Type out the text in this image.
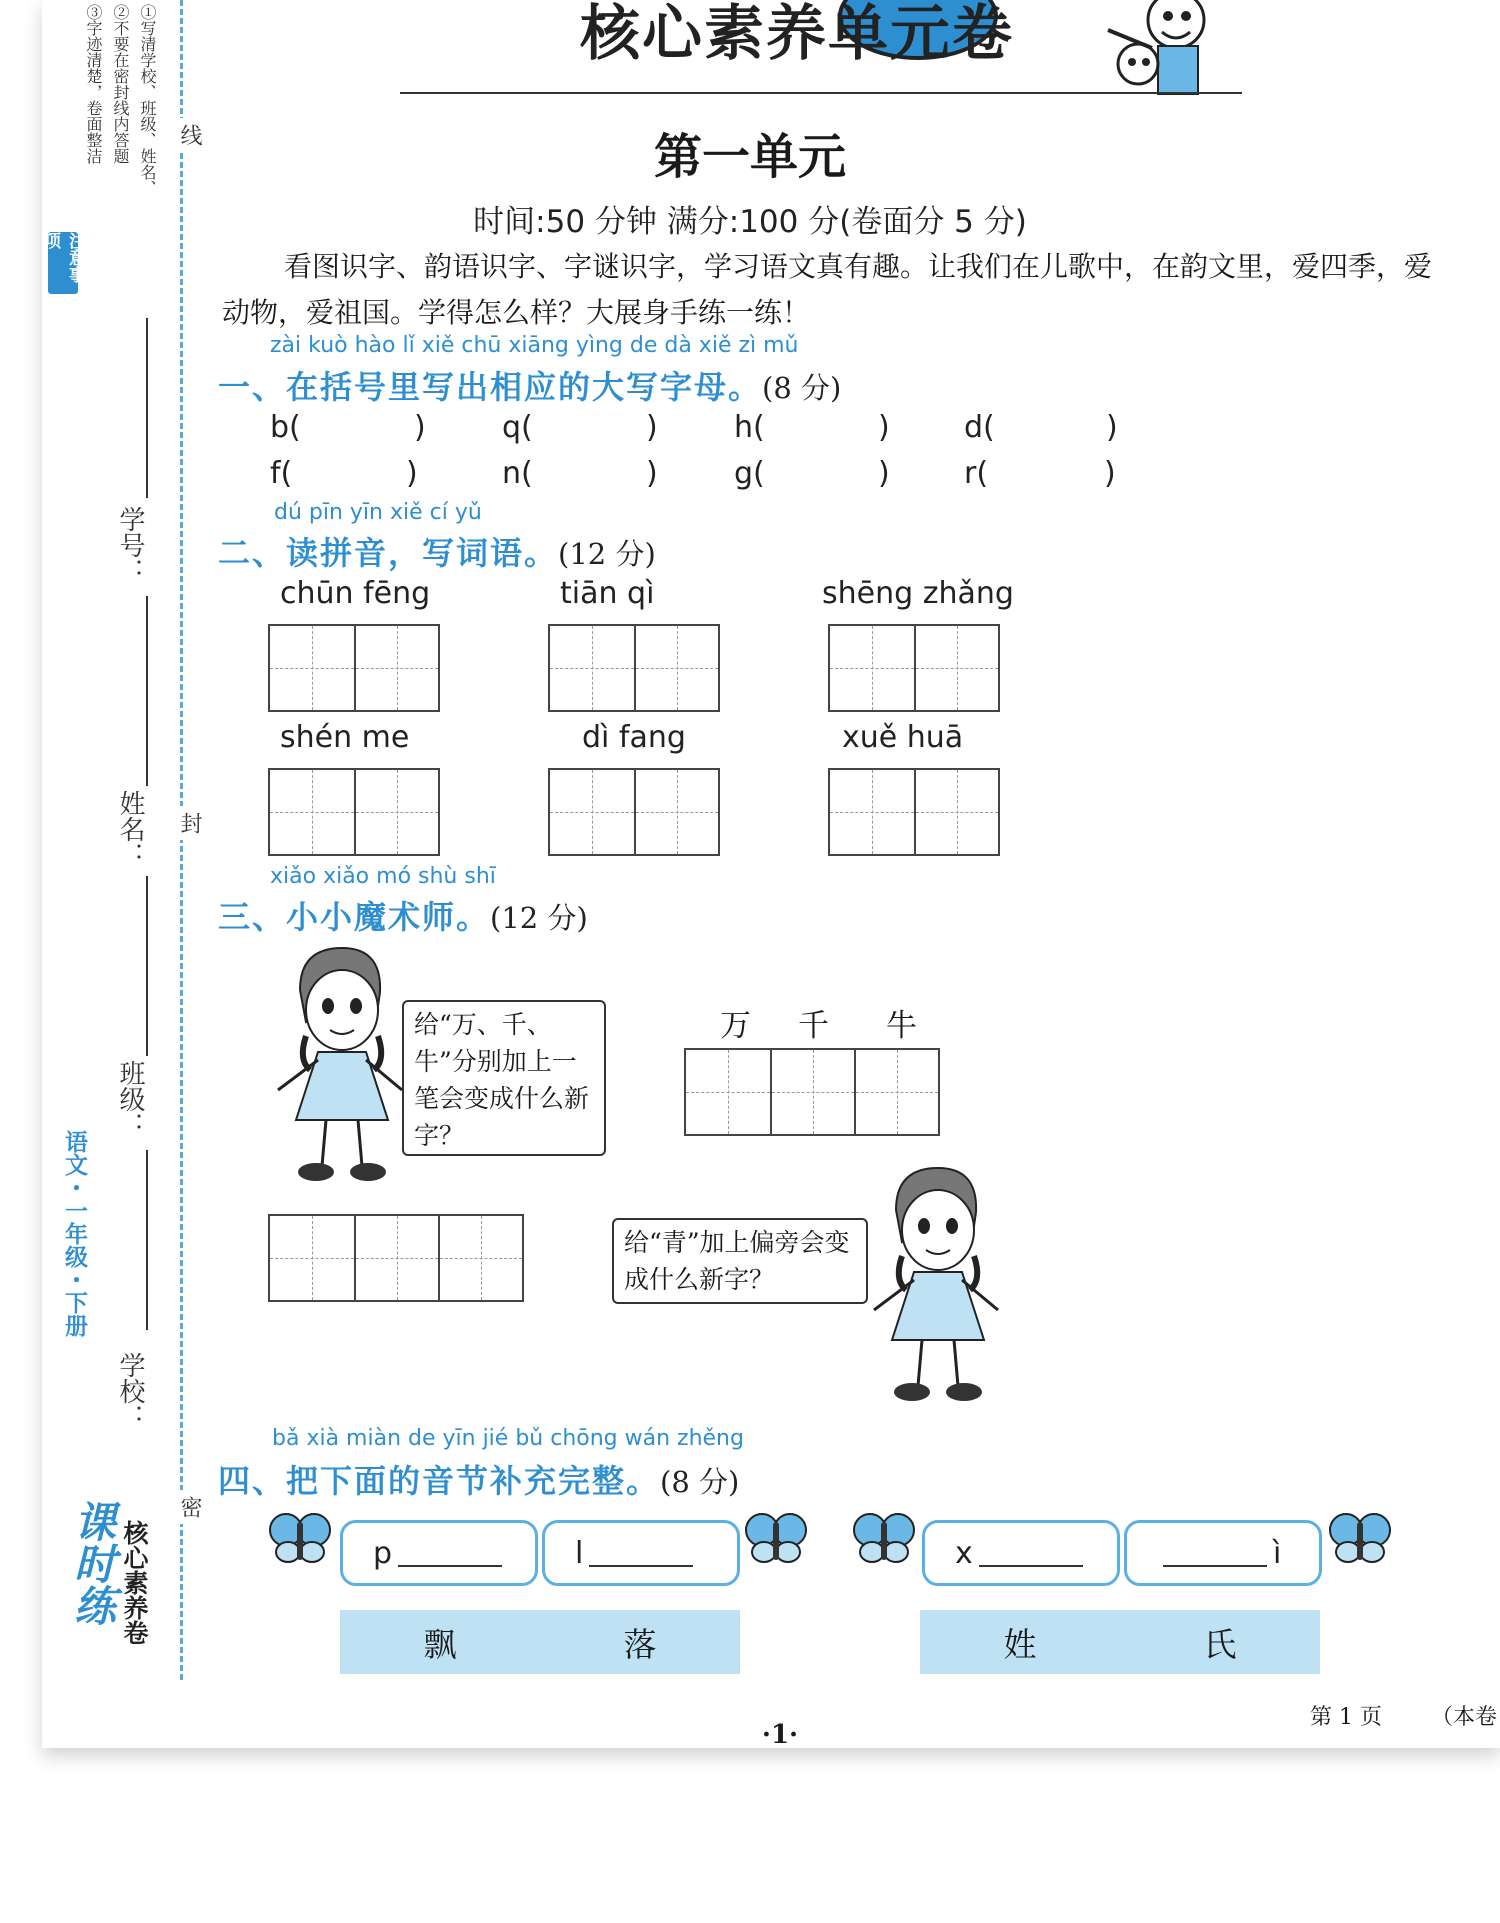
注意事项
①写清学校、班级、姓名、
②不要在密封线内答题
③字迹清楚，卷面整洁	线
封
密
学号：
姓名：
班级：
学校：
语文・一年级・下册
课时练 核心素养卷
核心素养单元卷
第一单元
时间:50 分钟 满分:100 分(卷面分 5 分)
看图识字、韵语识字、字谜识字，学习语文真有趣。让我们在儿歌中，在韵文里，爱四季，爱动物，爱祖国。学得怎么样？大展身手练一练！
zài kuò hào lǐ xiě chū xiāng yìng de dà xiě zì mǔ
一、在括号里写出相应的大写字母。(8 分)
b(	)	q(	)	h(	) d(	)
f(	)	n(	)	g(	) r(	)
dú pīn yīn xiě cí yǔ
二、读拼音，写词语。(12 分)
chūn fēng	tiān qì	shēng zhǎng
shén me	dì fang	xuě huā
xiǎo xiǎo mó shù shī
三、小小魔术师。(12 分)
给“万、千、牛”分别加上一笔会变成什么新字？
万 千 牛
给“青”加上偏旁会变成什么新字？
bǎ xià miàn de yīn jié bǔ chōng wán zhěng
四、把下面的音节补充完整。(8 分)
p	l	x	ì
飘	落	姓	氏
第 1 页 （本卷
·1·
